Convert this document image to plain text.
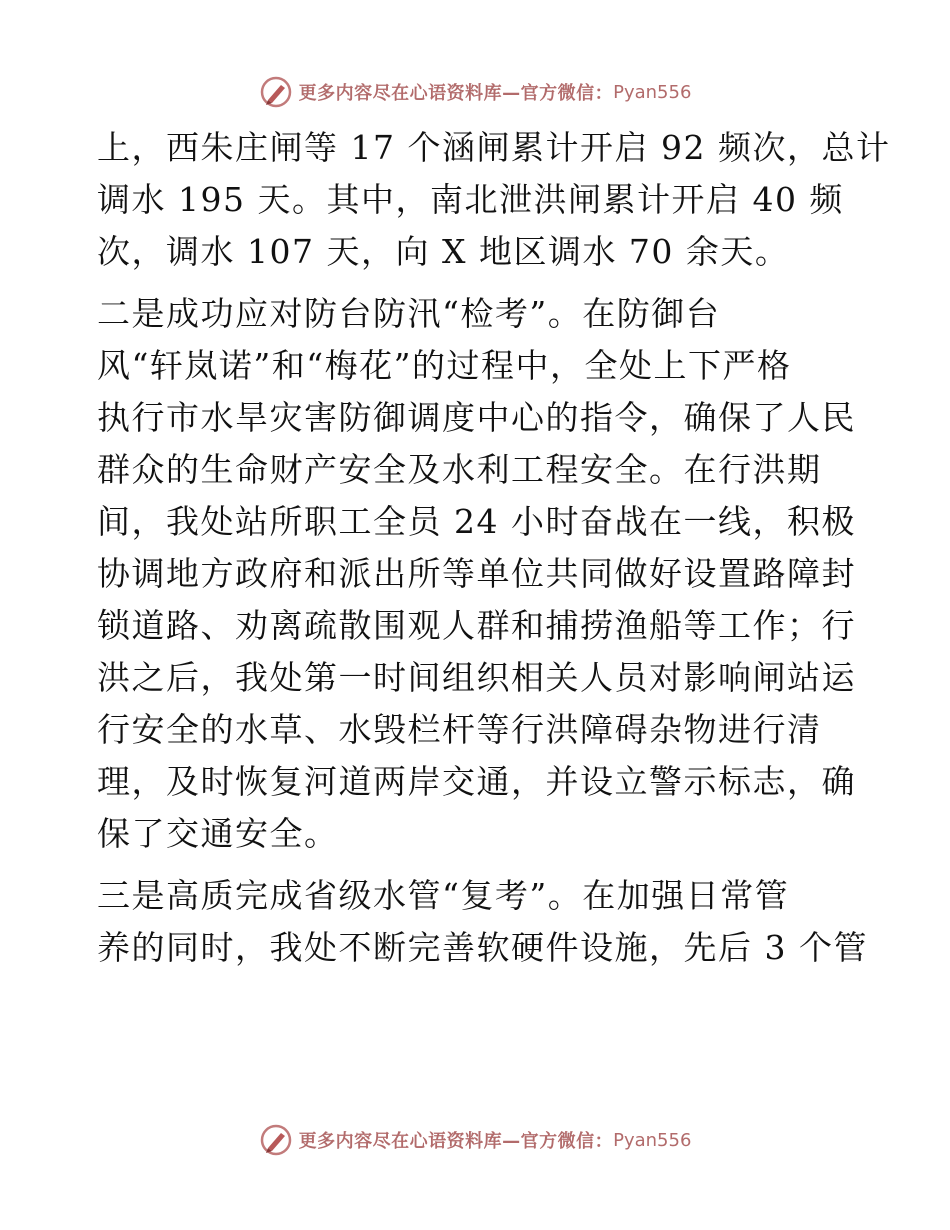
更多内容尽在心语资料库 —官方微信： Pyan556
上，西朱庄闸等 17 个涵闸累计开启 92 频次，总计
调水 195 天。其中，南北泄洪闸累计开启 40 频
次，调水 107 天，向 X 地区调水 70 余天。
二是成功应对防台防汛“检考”。在防御台
风“轩岚诺”和“梅花”的过程中，全处上下严格
执行市水旱灾害防御调度中心的指令，确保了人民
群众的生命财产安全及水利工程安全。在行洪期
间，我处站所职工全员 24 小时奋战在一线，积极
协调地方政府和派出所等单位共同做好设置路障封
锁道路、劝离疏散围观人群和捕捞渔船等工作；行
洪之后，我处第一时间组织相关人员对影响闸站运
行安全的水草、水毁栏杆等行洪障碍杂物进行清
理，及时恢复河道两岸交通，并设立警示标志，确
保了交通安全。
三是高质完成省级水管“复考”。在加强日常管
养的同时，我处不断完善软硬件设施，先后 3 个管
更多内容尽在心语资料库 —官方微信： Pyan556
